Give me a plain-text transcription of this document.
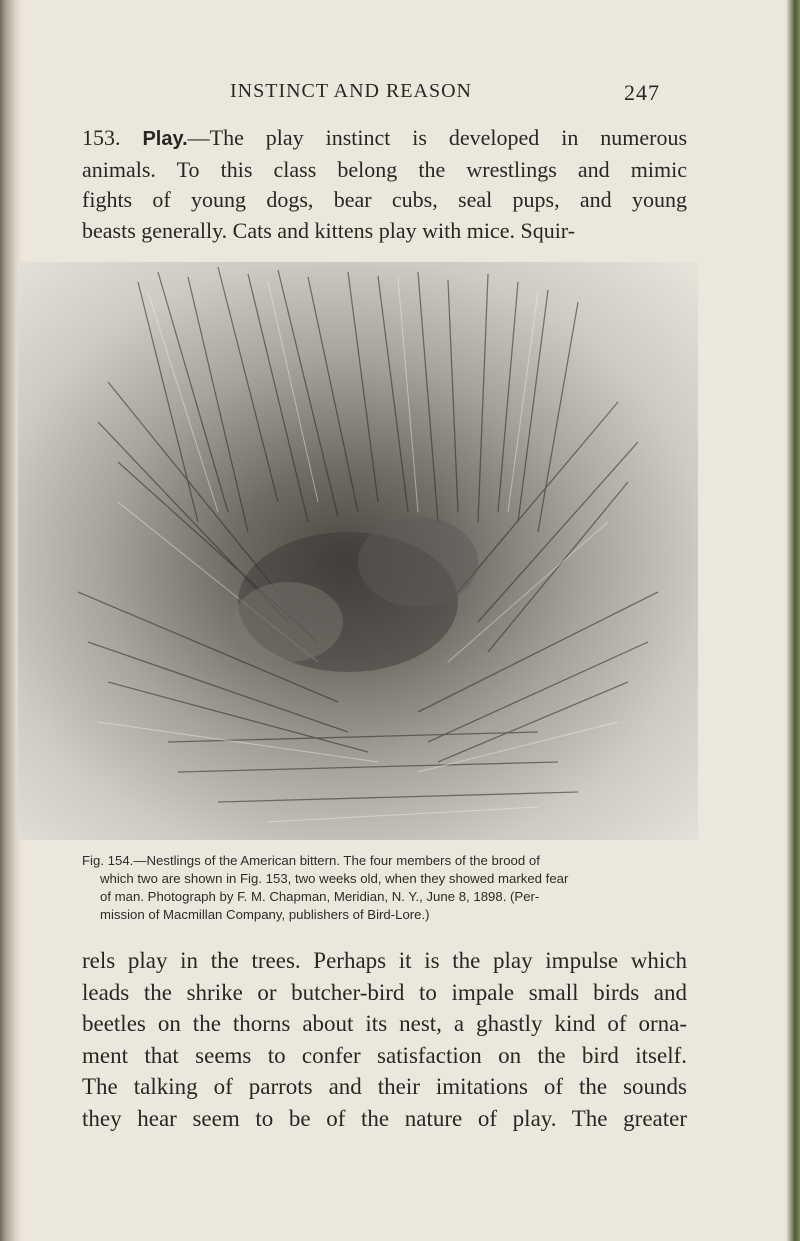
INSTINCT AND REASON	247
153. Play.—The play instinct is developed in numerous
animals. To this class belong the wrestlings and mimic
fights of young dogs, bear cubs, seal pups, and young
beasts generally. Cats and kittens play with mice. Squir-
Fig. 154.—Nestlings of the American bittern. The four members of the brood of
which two are shown in Fig. 153, two weeks old, when they showed marked fear
of man. Photograph by F. M. Chapman, Meridian, N. Y., June 8, 1898. (Per-
mission of Macmillan Company, publishers of Bird-Lore.)
rels play in the trees. Perhaps it is the play impulse which
leads the shrike or butcher-bird to impale small birds and
beetles on the thorns about its nest, a ghastly kind of orna-
ment that seems to confer satisfaction on the bird itself.
The talking of parrots and their imitations of the sounds
they hear seem to be of the nature of play. The greater
